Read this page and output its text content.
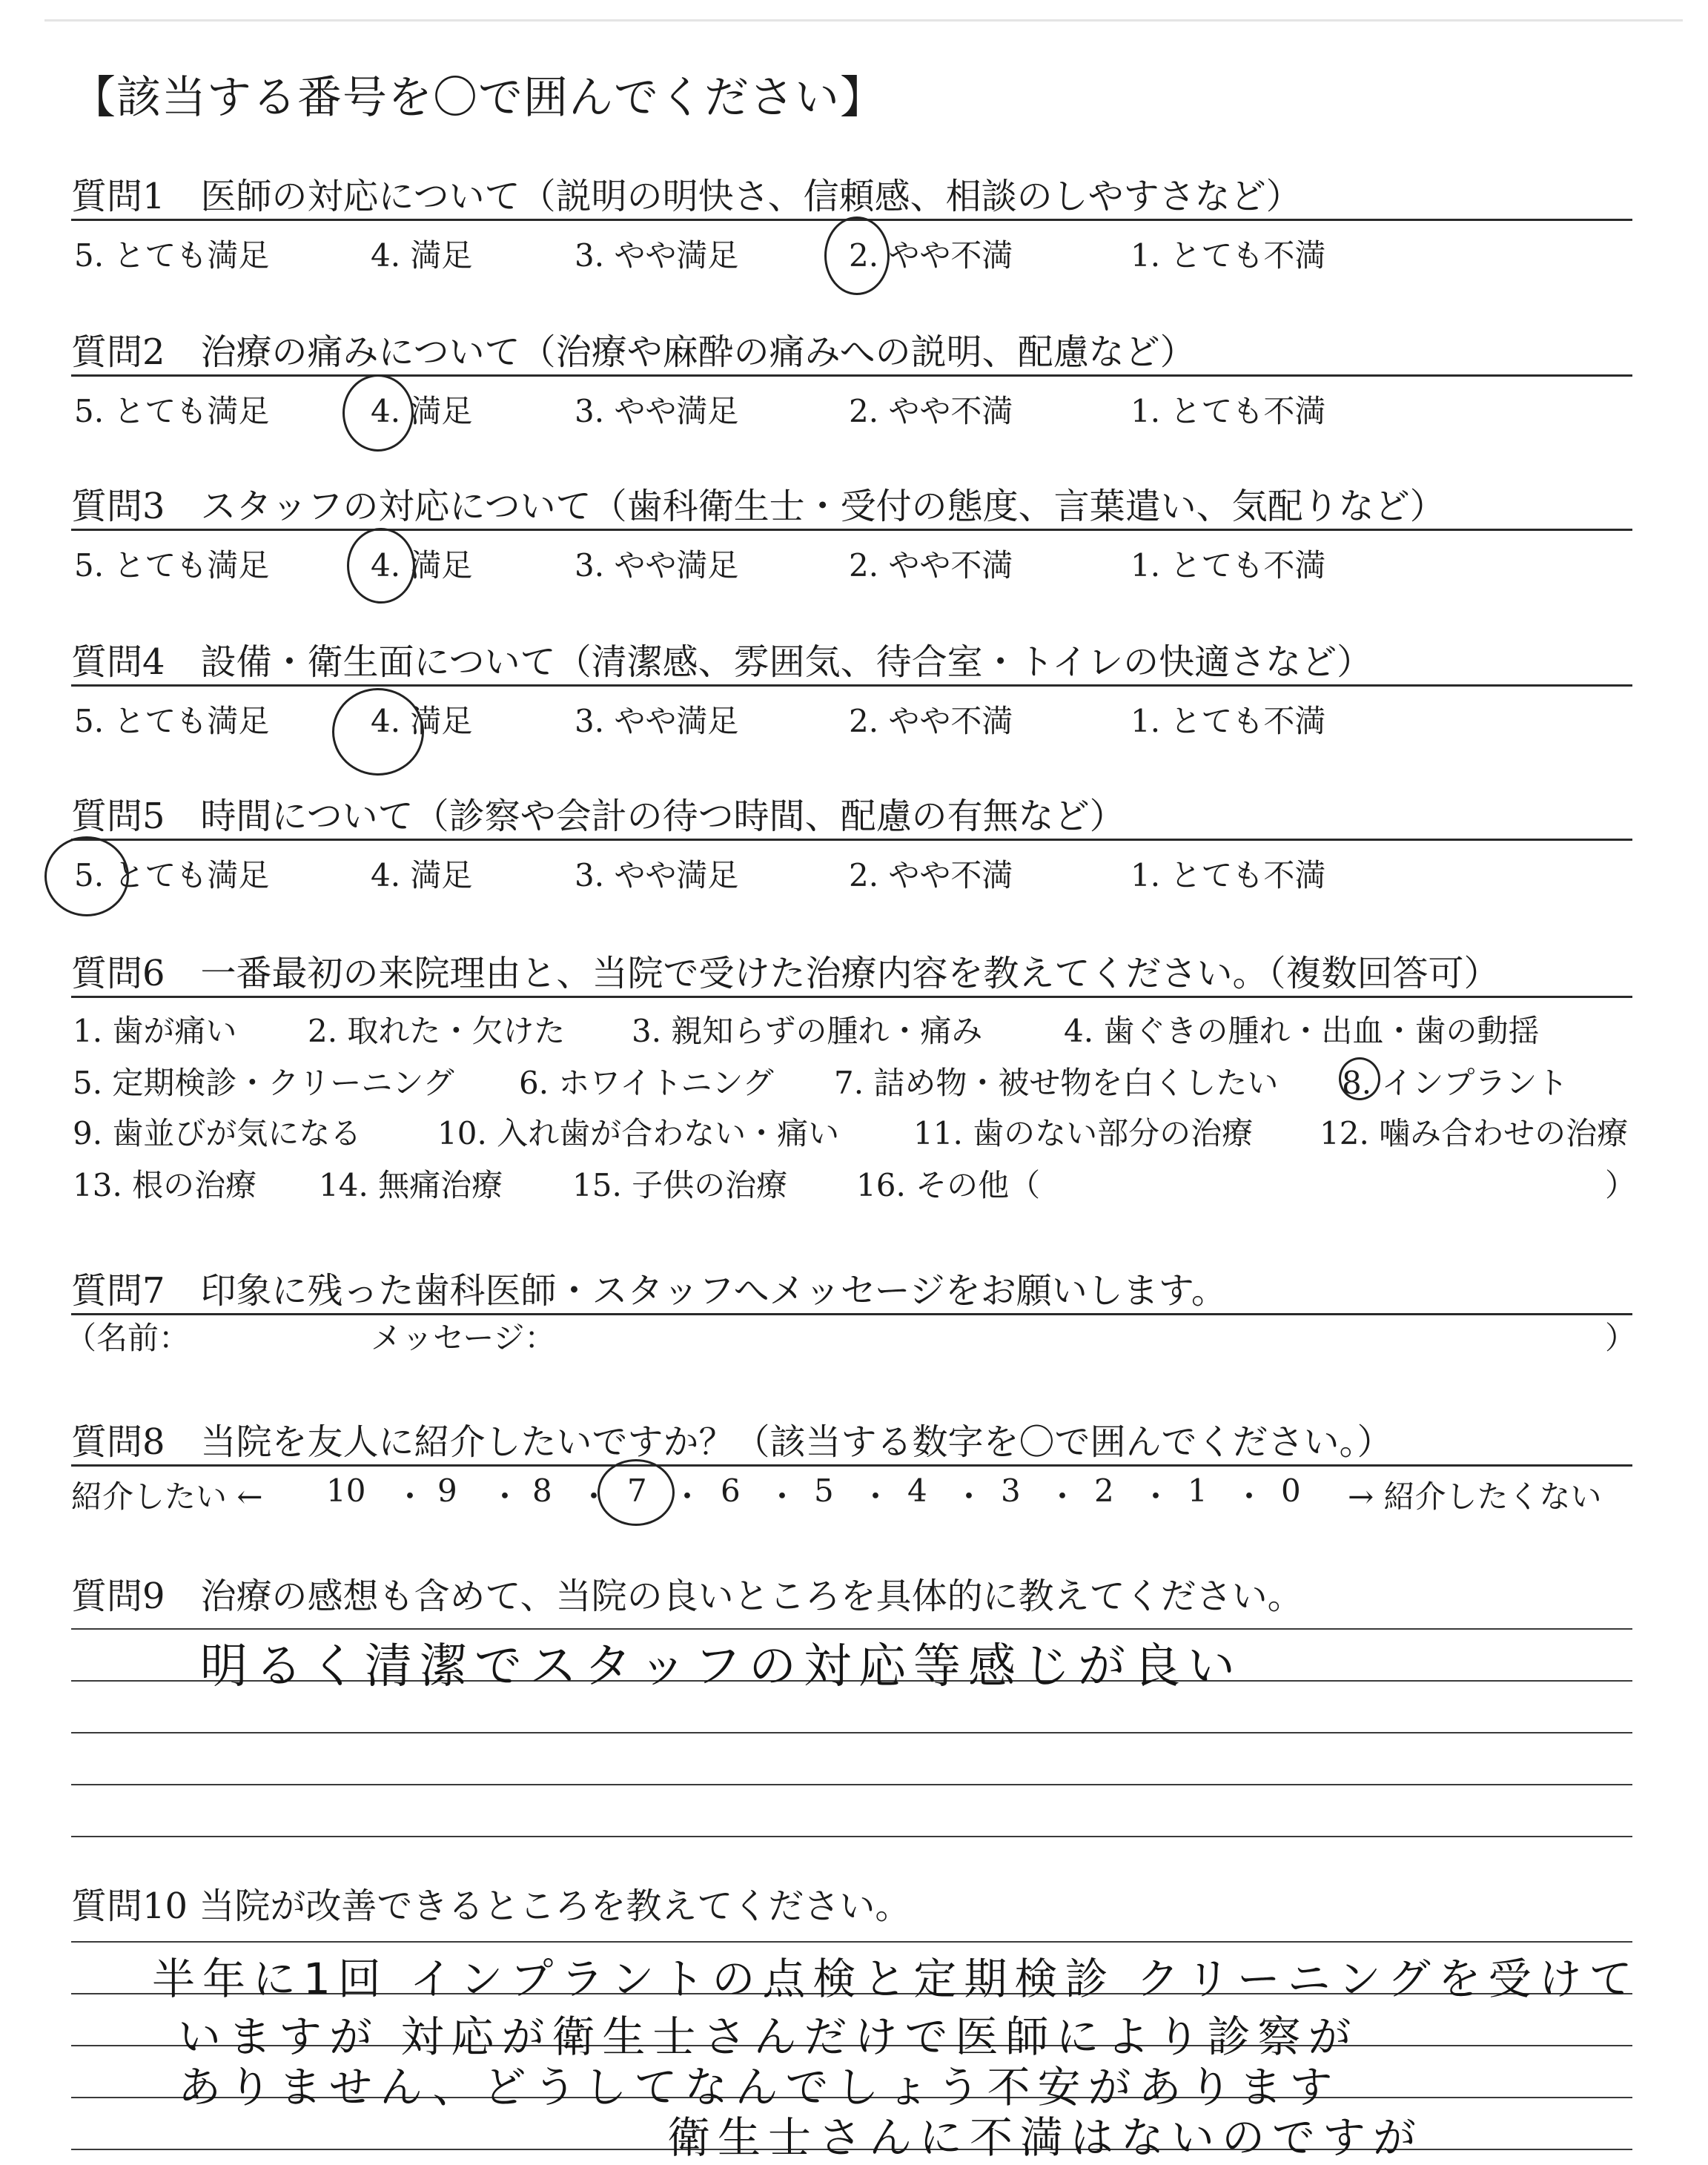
【該当する番号を〇で囲んでください】
質問1　医師の対応について（説明の明快さ、信頼感、相談のしやすさなど）
5. とても満足	4. 満足	3. やや満足	2. やや不満	1. とても不満
質問2　治療の痛みについて（治療や麻酔の痛みへの説明、配慮など）
5. とても満足	4. 満足	3. やや満足	2. やや不満	1. とても不満
質問3　スタッフの対応について（歯科衛生士・受付の態度、言葉遣い、気配りなど）
5. とても満足	4. 満足	3. やや満足	2. やや不満	1. とても不満
質問4　設備・衛生面について（清潔感、雰囲気、待合室・トイレの快適さなど）
5. とても満足	4. 満足	3. やや満足	2. やや不満	1. とても不満
質問5　時間について（診察や会計の待つ時間、配慮の有無など）
5. とても満足	4. 満足	3. やや満足	2. やや不満	1. とても不満
質問6　一番最初の来院理由と、当院で受けた治療内容を教えてください。（複数回答可）
1. 歯が痛い 2. 取れた・欠けた 3. 親知らずの腫れ・痛み	4. 歯ぐきの腫れ・出血・歯の動揺
5. 定期検診・クリーニング 6. ホワイトニング 7. 詰め物・被せ物を白くしたい 8. インプラント
9. 歯並びが気になる 10. 入れ歯が合わない・痛い 11. 歯のない部分の治療 12. 噛み合わせの治療
13. 根の治療 14. 無痛治療 15. 子供の治療 16. その他（	）
質問7　印象に残った歯科医師・スタッフへメッセージをお願いします。
（名前：	メッセージ：	）
質問8　当院を友人に紹介したいですか？（該当する数字を〇で囲んでください。）
紹介したい ←	→ 紹介したくない
10 ・ 9 ・ 8 ・ 7 ・ 6 ・ 5 ・ 4 ・ 3 ・ 2 ・ 1 ・ 0
質問9　治療の感想も含めて、当院の良いところを具体的に教えてください。
明るく清潔でスタッフの対応等感じが良い
質問10 当院が改善できるところを教えてください。
半年に1回 インプラントの点検と定期検診 クリーニングを受けて
いますが 対応が衛生士さんだけで医師により診察が
ありません、どうしてなんでしょう不安があります
衛生士さんに不満はないのですが
